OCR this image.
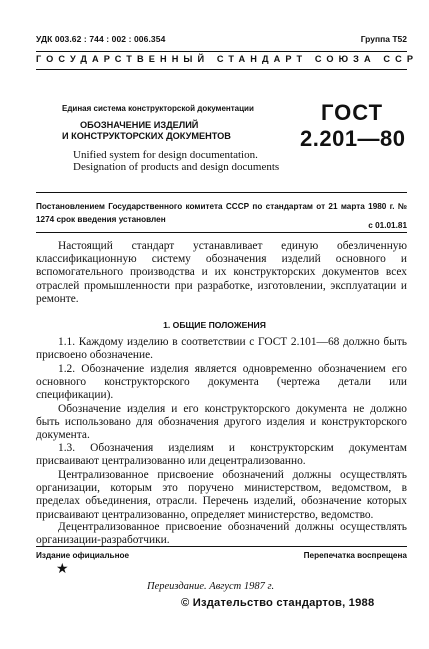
УДК 003.62 : 744 : 002 : 006.354	Группа Т52
ГОСУДАРСТВЕННЫЙ СТАНДАРТ СОЮЗА ССР
Единая система конструкторской документации
ОБОЗНАЧЕНИЕ ИЗДЕЛИЙ
И КОНСТРУКТОРСКИХ ДОКУМЕНТОВ
ГОСТ
2.201—80
Unified system for design documentation.
Designation of products and design documents
Постановлением Государственного комитета СССР по стандартам от 21 марта 1980 г. № 1274 срок введения установлен
с 01.01.81
Настоящий стандарт устанавливает единую обезличенную классификационную систему обозначения изделий основного и вспомогательного производства и их конструкторских документов всех отраслей промышленности при разработке, изготовлении, эксплуатации и ремонте.
1. ОБЩИЕ ПОЛОЖЕНИЯ
1.1. Каждому изделию в соответствии с ГОСТ 2.101—68 должно быть присвоено обозначение.
1.2. Обозначение изделия является одновременно обозначением его основного конструкторского документа (чертежа детали или спецификации).
Обозначение изделия и его конструкторского документа не должно быть использовано для обозначения другого изделия и конструкторского документа.
1.3. Обозначения изделиям и конструкторским документам присваивают централизованно или децентрализованно.
Централизованное присвоение обозначений должны осуществлять организации, которым это поручено министерством, ведомством, в пределах объединения, отрасли. Перечень изделий, обозначение которых присваивают централизованно, определяет министерство, ведомство.
Децентрализованное присвоение обозначений должны осуществлять организации-разработчики.
Издание официальное	Перепечатка воспрещена
★
Переиздание. Август 1987 г.
© Издательство стандартов, 1988
